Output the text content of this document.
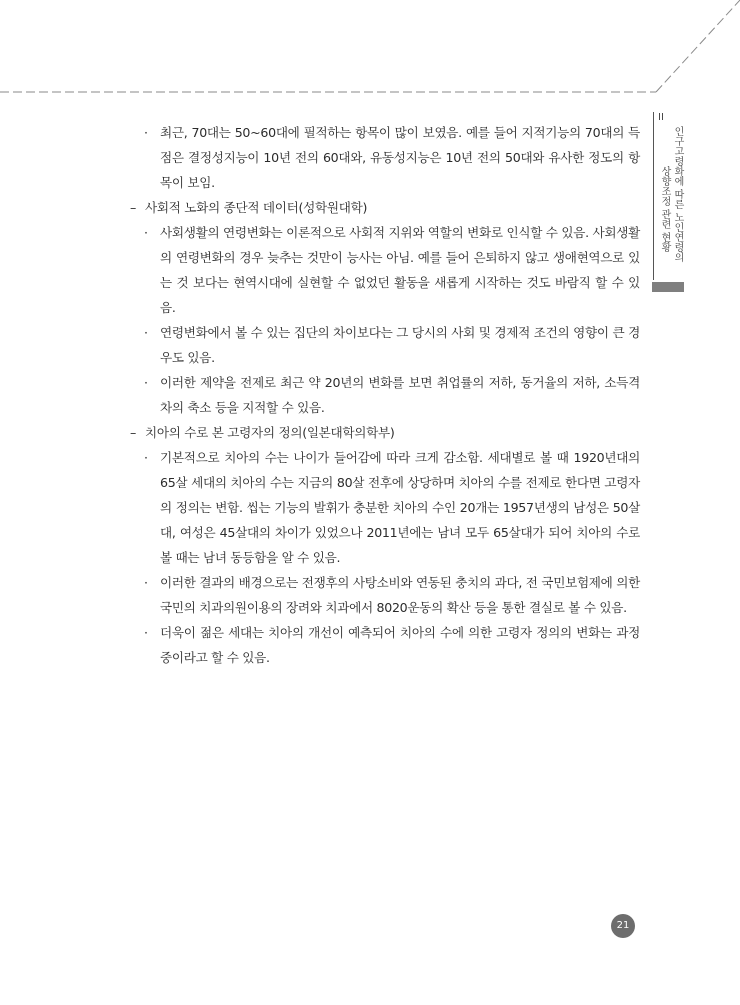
II
인구고령화에 따른 노인연령의
상향조정 관련 현황
· 최근, 70대는 50~60대에 필적하는 항목이 많이 보였음. 예를 들어 지적기능의 70대의 득점은 결정성지능이 10년 전의 60대와, 유동성지능은 10년 전의 50대와 유사한 정도의 항목이 보임.
– 사회적 노화의 종단적 데이터(성학원대학)
· 사회생활의 연령변화는 이론적으로 사회적 지위와 역할의 변화로 인식할 수 있음. 사회생활의 연령변화의 경우 늦추는 것만이 능사는 아님. 예를 들어 은퇴하지 않고 생애현역으로 있는 것 보다는 현역시대에 실현할 수 없었던 활동을 새롭게 시작하는 것도 바람직 할 수 있음.
· 연령변화에서 볼 수 있는 집단의 차이보다는 그 당시의 사회 및 경제적 조건의 영향이 큰 경우도 있음.
· 이러한 제약을 전제로 최근 약 20년의 변화를 보면 취업률의 저하, 동거율의 저하, 소득격차의 축소 등을 지적할 수 있음.
– 치아의 수로 본 고령자의 정의(일본대학의학부)
· 기본적으로 치아의 수는 나이가 들어감에 따라 크게 감소함. 세대별로 볼 때 1920년대의 65살 세대의 치아의 수는 지금의 80살 전후에 상당하며 치아의 수를 전제로 한다면 고령자의 정의는 변함. 씹는 기능의 발휘가 충분한 치아의 수인 20개는 1957년생의 남성은 50살대, 여성은 45살대의 차이가 있었으나 2011년에는 남녀 모두 65살대가 되어 치아의 수로 볼 때는 남녀 동등함을 알 수 있음.
· 이러한 결과의 배경으로는 전쟁후의 사탕소비와 연동된 충치의 과다, 전 국민보험제에 의한 국민의 치과의원이용의 장려와 치과에서 8020운동의 확산 등을 통한 결실로 볼 수 있음.
· 더욱이 젊은 세대는 치아의 개선이 예측되어 치아의 수에 의한 고령자 정의의 변화는 과정중이라고 할 수 있음.
21
